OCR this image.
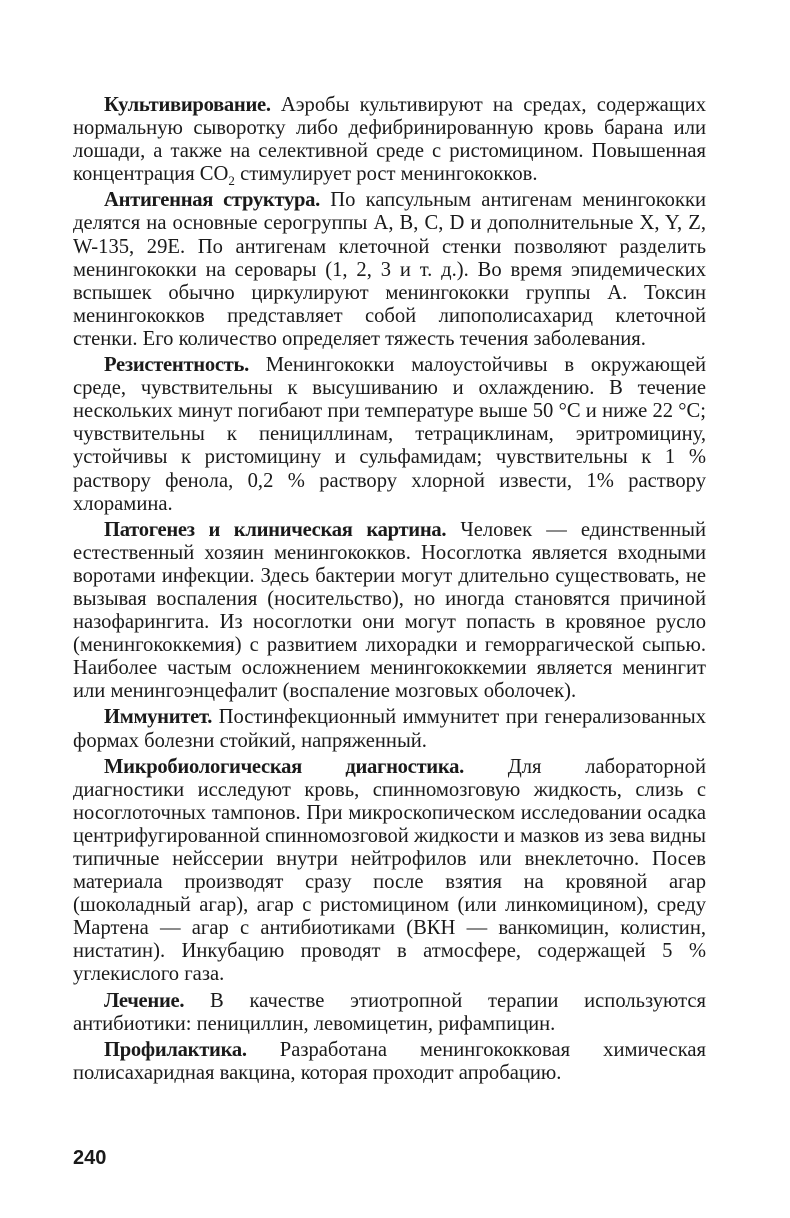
Культивирование. Аэробы культивируют на средах, содержащих нормальную сыворотку либо дефибринированную кровь барана или лошади, а также на селективной среде с ристомицином. Повышенная концентрация $CO_2$ стимулирует рост менингококков.

Антигенная структура. По капсульным антигенам менингококки делятся на основные серогруппы A, B, C, D и дополнительные X, Y, Z, W-135, 29E. По антигенам клеточной стенки позволяют разделить менингококки на серовары (1, 2, 3 и т. д.). Во время эпидемических вспышек обычно циркулируют менингококки группы A. Токсин менингококков представляет собой липополисахарид клеточной стенки. Его количество определяет тяжесть течения заболевания.

Резистентность. Менингококки малоустойчивы в окружающей среде, чувствительны к высушиванию и охлаждению. В течение нескольких минут погибают при температуре выше 50 °C и ниже 22 °C; чувствительны к пенициллинам, тетрациклинам, эритромицину, устойчивы к ристомицину и сульфамидам; чувствительны к 1 % раствору фенола, 0,2 % раствору хлорной извести, 1% раствору хлорамина.

Патогенез и клиническая картина. Человек — единственный естественный хозяин менингококков. Носоглотка является входными воротами инфекции. Здесь бактерии могут длительно существовать, не вызывая воспаления (носительство), но иногда становятся причиной назофарингита. Из носоглотки они могут попасть в кровяное русло (менингококкемия) с развитием лихорадки и геморрагической сыпью. Наиболее частым осложнением менингококкемии является менингит или менингоэнцефалит (воспаление мозговых оболочек).

Иммунитет. Постинфекционный иммунитет при генерализованных формах болезни стойкий, напряженный.

Микробиологическая диагностика. Для лабораторной диагностики исследуют кровь, спинномозговую жидкость, слизь с носоглоточных тампонов. При микроскопическом исследовании осадка центрифугированной спинномозговой жидкости и мазков из зева видны типичные нейссерии внутри нейтрофилов или внеклеточно. Посев материала производят сразу после взятия на кровяной агар (шоколадный агар), агар с ристомицином (или линкомицином), среду Мартена — агар с антибиотиками (ВКН — ванкомицин, колистин, нистатин). Инкубацию проводят в атмосфере, содержащей 5 % углекислого газа.

Лечение. В качестве этиотропной терапии используются антибиотики: пенициллин, левомицетин, рифампицин.

Профилактика. Разработана менингококковая химическая полисахаридная вакцина, которая проходит апробацию.

240
